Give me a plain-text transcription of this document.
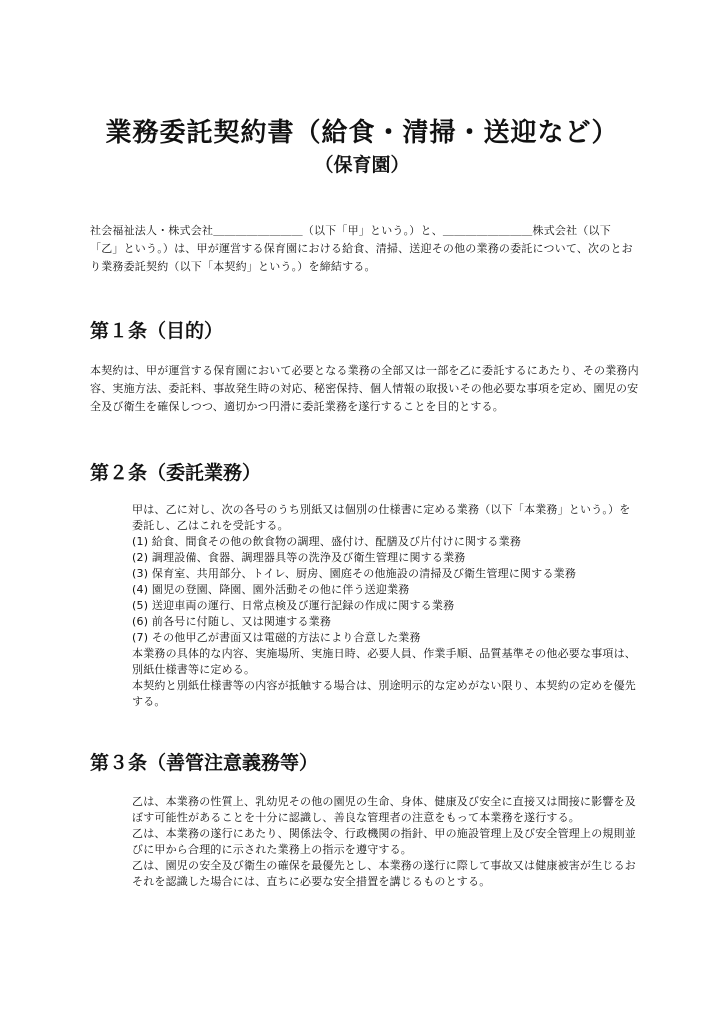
業務委託契約書（給食・清掃・送迎など）
（保育園）

社会福祉法人・株式会社＿＿＿＿＿＿＿＿（以下「甲」という。）と、＿＿＿＿＿＿＿＿株式会社（以下「乙」という。）は、甲が運営する保育園における給食、清掃、送迎その他の業務の委託について、次のとおり業務委託契約（以下「本契約」という。）を締結する。

第１条（目的）

本契約は、甲が運営する保育園において必要となる業務の全部又は一部を乙に委託するにあたり、その業務内容、実施方法、委託料、事故発生時の対応、秘密保持、個人情報の取扱いその他必要な事項を定め、園児の安全及び衛生を確保しつつ、適切かつ円滑に委託業務を遂行することを目的とする。

第２条（委託業務）

甲は、乙に対し、次の各号のうち別紙又は個別の仕様書に定める業務（以下「本業務」という。）を委託し、乙はこれを受託する。

(1) 給食、間食その他の飲食物の調理、盛付け、配膳及び片付けに関する業務

(2) 調理設備、食器、調理器具等の洗浄及び衛生管理に関する業務

(3) 保育室、共用部分、トイレ、厨房、園庭その他施設の清掃及び衛生管理に関する業務

(4) 園児の登園、降園、園外活動その他に伴う送迎業務

(5) 送迎車両の運行、日常点検及び運行記録の作成に関する業務

(6) 前各号に付随し、又は関連する業務

(7) その他甲乙が書面又は電磁的方法により合意した業務

本業務の具体的な内容、実施場所、実施日時、必要人員、作業手順、品質基準その他必要な事項は、別紙仕様書等に定める。

本契約と別紙仕様書等の内容が抵触する場合は、別途明示的な定めがない限り、本契約の定めを優先する。

第３条（善管注意義務等）

乙は、本業務の性質上、乳幼児その他の園児の生命、身体、健康及び安全に直接又は間接に影響を及ぼす可能性があることを十分に認識し、善良な管理者の注意をもって本業務を遂行する。

乙は、本業務の遂行にあたり、関係法令、行政機関の指針、甲の施設管理上及び安全管理上の規則並びに甲から合理的に示された業務上の指示を遵守する。

乙は、園児の安全及び衛生の確保を最優先とし、本業務の遂行に際して事故又は健康被害が生じるおそれを認識した場合には、直ちに必要な安全措置を講じるものとする。
